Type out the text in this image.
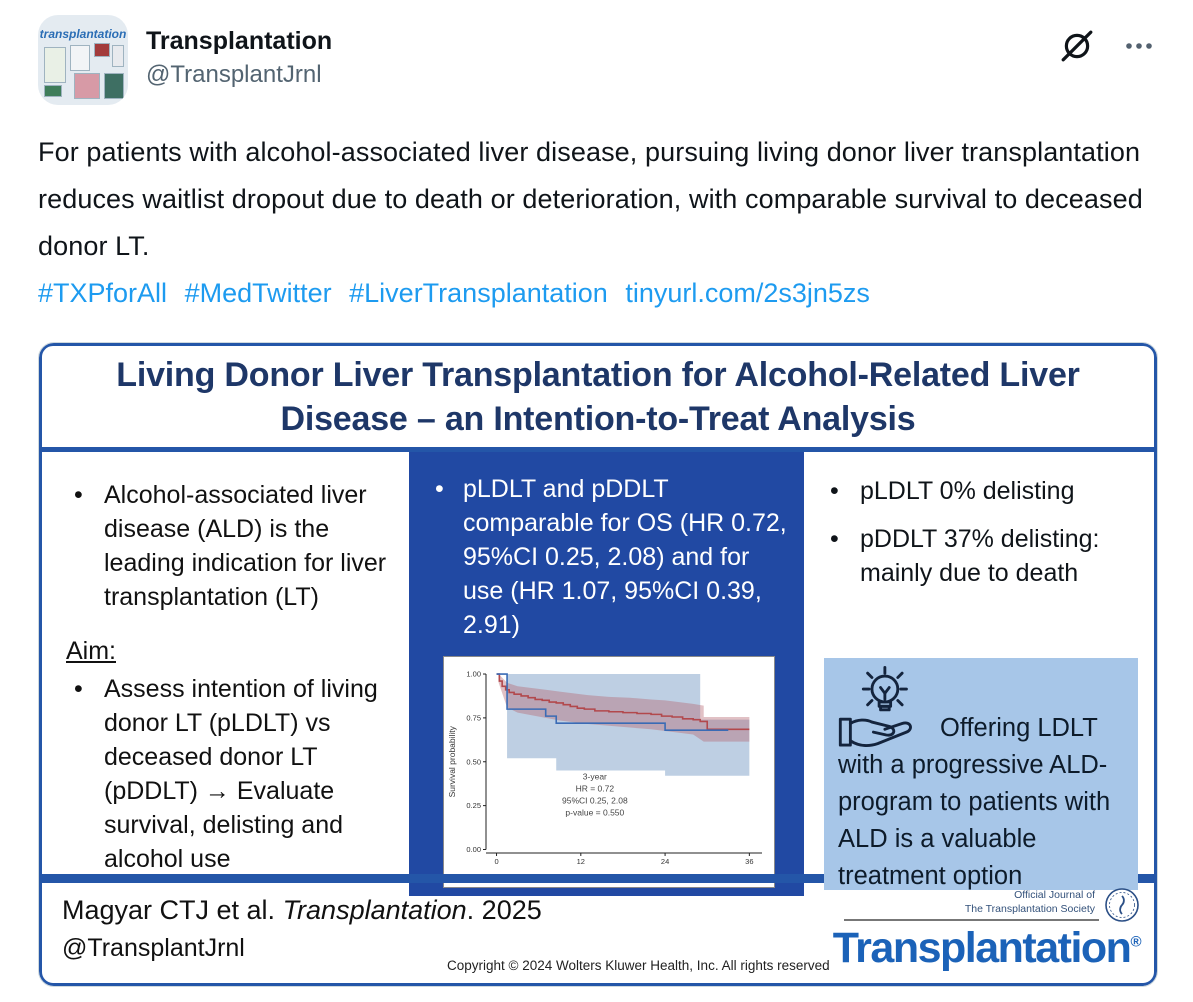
transplantation Transplantation
@TransplantJrnl
For patients with alcohol-associated liver disease, pursuing living donor liver transplantation reduces waitlist dropout due to death or deterioration, with comparable survival to deceased donor LT.
#TXPforAll #MedTwitter #LiverTransplantation tinyurl.com/2s3jn5zs
Living Donor Liver Transplantation for Alcohol-Related Liver Disease – an Intention-to-Treat Analysis
• Alcohol-associated liver disease (ALD) is the leading indication for liver transplantation (LT)
Aim:
• Assess intention of living donor LT (pLDLT) vs deceased donor LT (pDDLT) → Evaluate survival, delisting and alcohol use
• pLDLT and pDDLT comparable for OS (HR 0.72, 95%CI 0.25, 2.08) and for use (HR 1.07, 95%CI 0.39, 2.91)
0.00
0.25
0.50
0.75
1.00
0	12	24	36
Survival probability	3-year
HR = 0.72
95%CI 0.25, 2.08
p-value = 0.550
• pLDLT 0% delisting
• pDDLT 37% delisting: mainly due to death
Offering LDLT with a progressive ALD-program to patients with ALD is a valuable treatment option
Magyar CTJ et al. Transplantation. 2025
@TransplantJrnl
Copyright © 2024 Wolters Kluwer Health, Inc. All rights reserved
Official Journal of
The Transplantation Society
Transplantation®
